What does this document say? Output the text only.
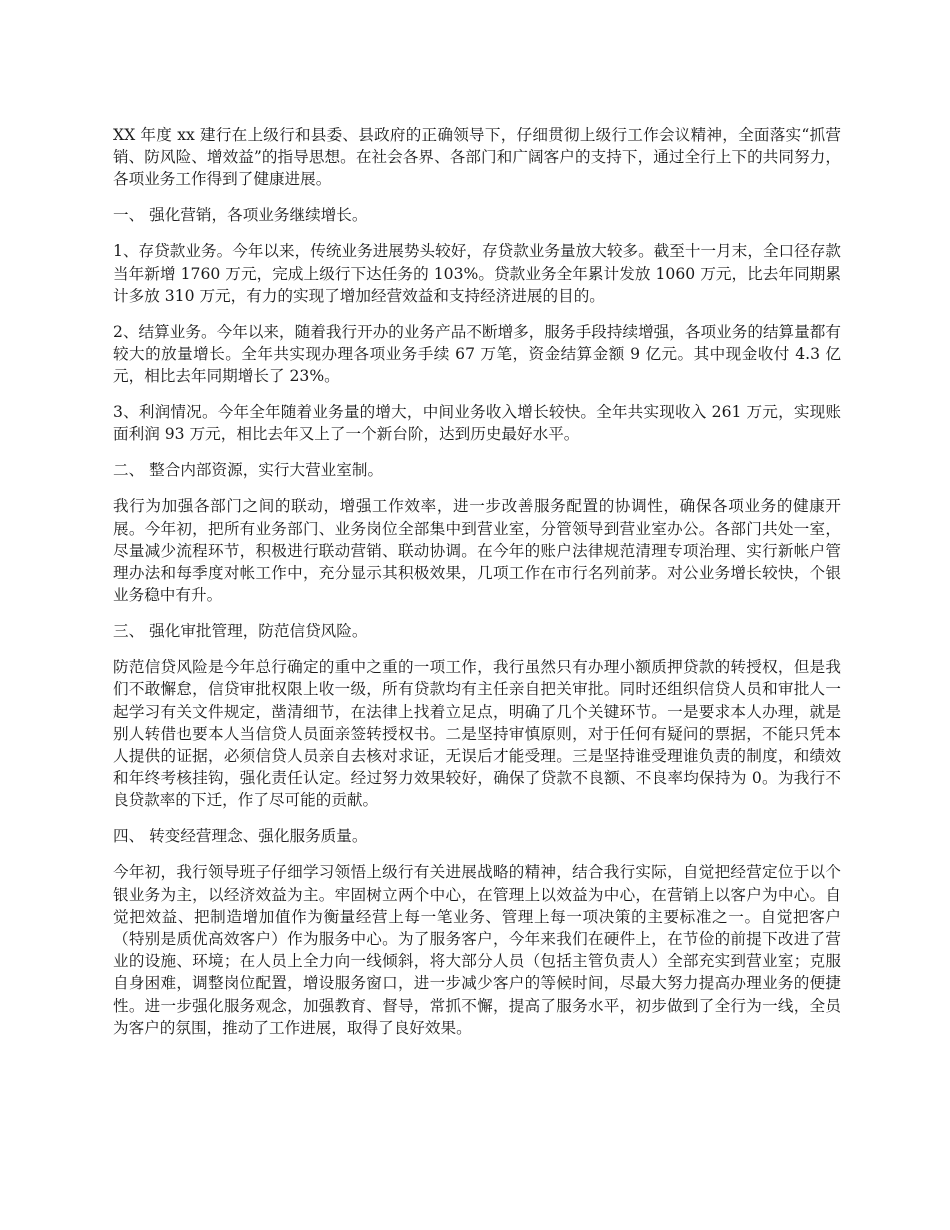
XX 年度 xx 建行在上级行和县委、县政府的正确领导下，仔细贯彻上级行工作会议精神，全面落实“抓营销、防风险、增效益”的指导思想。在社会各界、各部门和广阔客户的支持下，通过全行上下的共同努力，各项业务工作得到了健康进展。

一、 强化营销，各项业务继续增长。

1、存贷款业务。今年以来，传统业务进展势头较好，存贷款业务量放大较多。截至十一月末，全口径存款当年新增 1760 万元，完成上级行下达任务的 103%。贷款业务全年累计发放 1060 万元，比去年同期累计多放 310 万元，有力的实现了增加经营效益和支持经济进展的目的。

2、结算业务。今年以来，随着我行开办的业务产品不断增多，服务手段持续增强，各项业务的结算量都有较大的放量增长。全年共实现办理各项业务手续 67 万笔，资金结算金额 9 亿元。其中现金收付 4.3 亿元，相比去年同期增长了 23%。

3、利润情况。今年全年随着业务量的增大，中间业务收入增长较快。全年共实现收入 261 万元，实现账面利润 93 万元，相比去年又上了一个新台阶，达到历史最好水平。

二、 整合内部资源，实行大营业室制。

我行为加强各部门之间的联动，增强工作效率，进一步改善服务配置的协调性，确保各项业务的健康开展。今年初，把所有业务部门、业务岗位全部集中到营业室，分管领导到营业室办公。各部门共处一室，尽量减少流程环节，积极进行联动营销、联动协调。在今年的账户法律规范清理专项治理、实行新帐户管理办法和每季度对帐工作中，充分显示其积极效果，几项工作在市行名列前茅。对公业务增长较快，个银业务稳中有升。

三、 强化审批管理，防范信贷风险。

防范信贷风险是今年总行确定的重中之重的一项工作，我行虽然只有办理小额质押贷款的转授权，但是我们不敢懈怠，信贷审批权限上收一级，所有贷款均有主任亲自把关审批。同时还组织信贷人员和审批人一起学习有关文件规定，凿清细节，在法律上找着立足点，明确了几个关键环节。一是要求本人办理，就是别人转借也要本人当信贷人员面亲签转授权书。二是坚持审慎原则，对于任何有疑问的票据，不能只凭本人提供的证据，必须信贷人员亲自去核对求证，无误后才能受理。三是坚持谁受理谁负责的制度，和绩效和年终考核挂钩，强化责任认定。经过努力效果较好，确保了贷款不良额、不良率均保持为 0。为我行不良贷款率的下迁，作了尽可能的贡献。

四、 转变经营理念、强化服务质量。

今年初，我行领导班子仔细学习领悟上级行有关进展战略的精神，结合我行实际，自觉把经营定位于以个银业务为主，以经济效益为主。牢固树立两个中心，在管理上以效益为中心，在营销上以客户为中心。自觉把效益、把制造增加值作为衡量经营上每一笔业务、管理上每一项决策的主要标准之一。自觉把客户（特别是质优高效客户）作为服务中心。为了服务客户，今年来我们在硬件上，在节俭的前提下改进了营业的设施、环境；在人员上全力向一线倾斜，将大部分人员（包括主管负责人）全部充实到营业室；克服自身困难，调整岗位配置，增设服务窗口，进一步减少客户的等候时间，尽最大努力提高办理业务的便捷性。进一步强化服务观念，加强教育、督导，常抓不懈，提高了服务水平，初步做到了全行为一线，全员为客户的氛围，推动了工作进展，取得了良好效果。
